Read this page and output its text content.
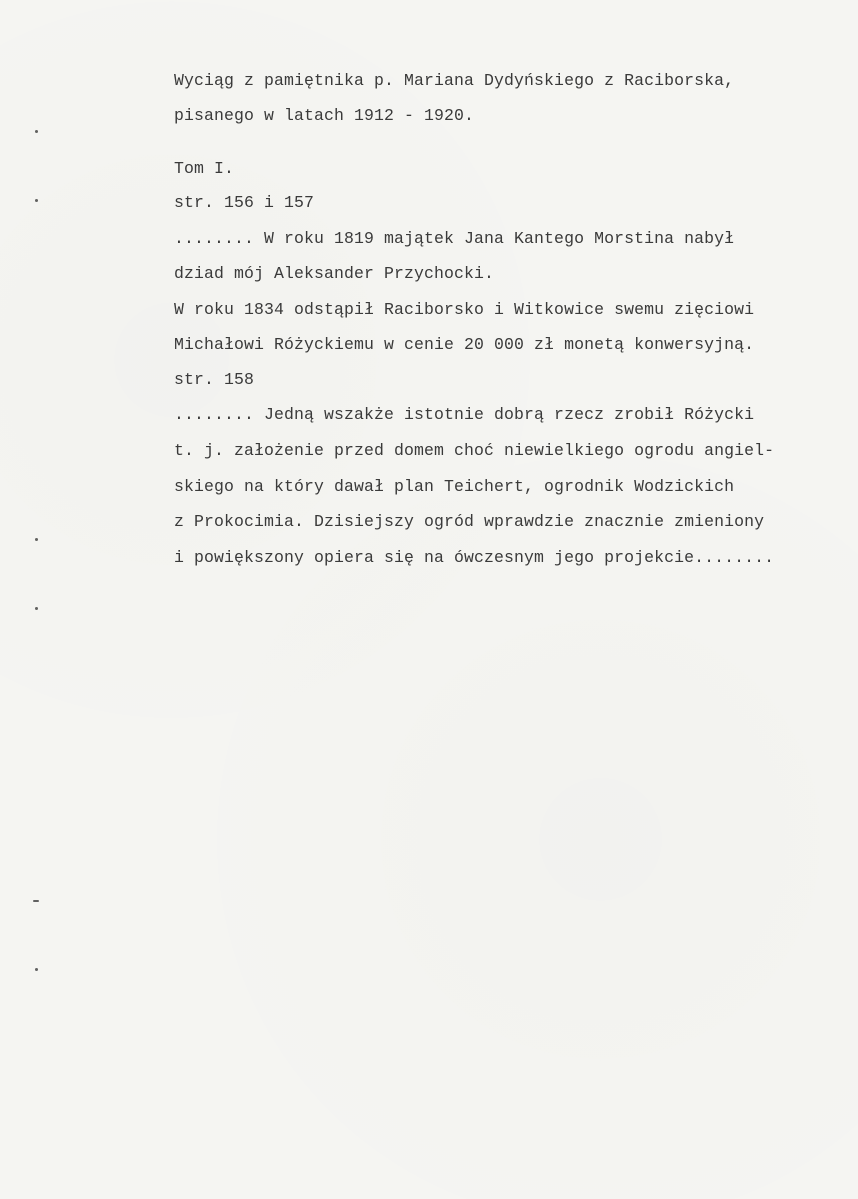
Wyciąg z pamiętnika p. Mariana Dydyńskiego z Raciborska,
pisanego w latach 1912 - 1920.
Tom I.
str. 156 i 157
........ W roku 1819 majątek Jana Kantego Morstina nabył
dziad mój Aleksander Przychocki.
W roku 1834 odstąpił Raciborsko i Witkowice swemu zięciowi
Michałowi Różyckiemu w cenie 20 000 zł monetą konwersyjną.
str. 158
........ Jedną wszakże istotnie dobrą rzecz zrobił Różycki
t. j. założenie przed domem choć niewielkiego ogrodu angiel-
skiego na który dawał plan Teichert, ogrodnik Wodzickich
z Prokocimia. Dzisiejszy ogród wprawdzie znacznie zmieniony
i powiększony opiera się na ówczesnym jego projekcie........
